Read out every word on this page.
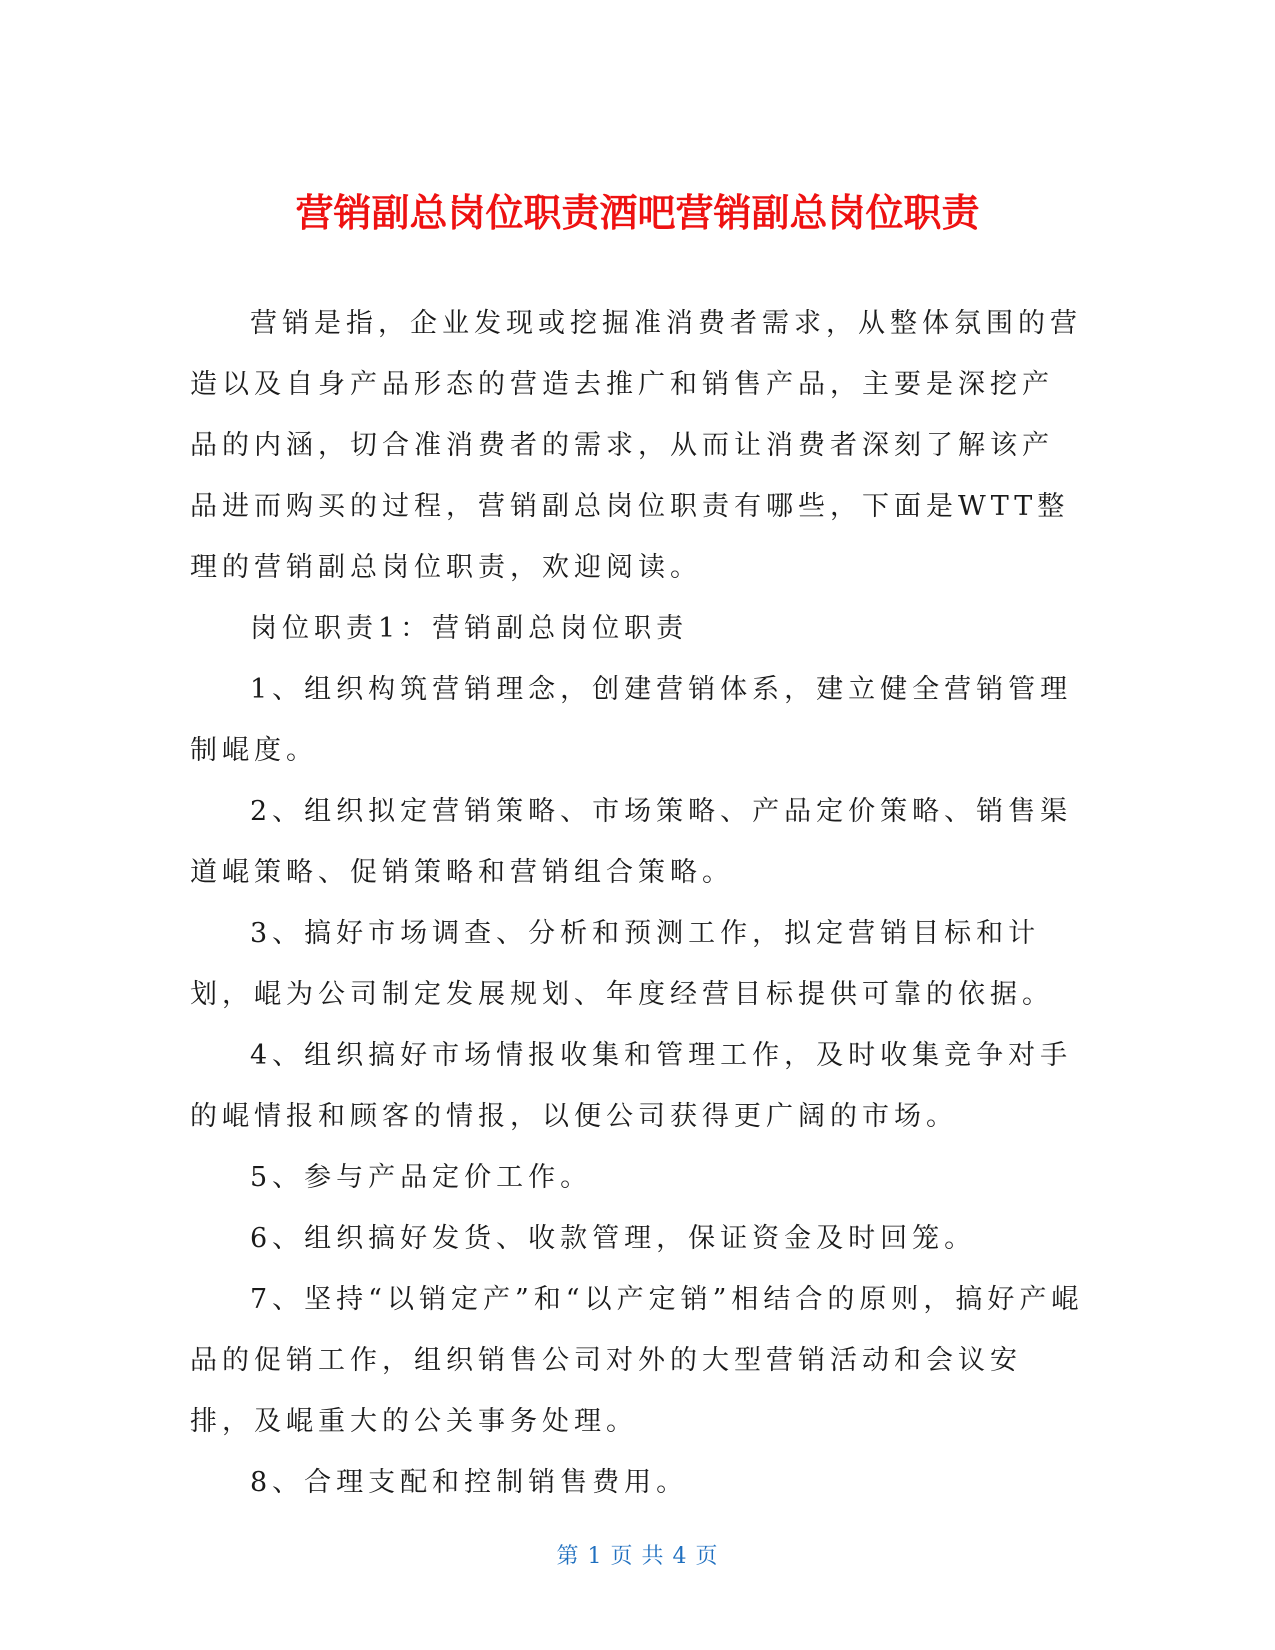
营销副总岗位职责酒吧营销副总岗位职责

营销是指，企业发现或挖掘准消费者需求，从整体氛围的营造以及自身产品形态的营造去推广和销售产品，主要是深挖产品的内涵，切合准消费者的需求，从而让消费者深刻了解该产品进而购买的过程，营销副总岗位职责有哪些，下面是WTT整理的营销副总岗位职责，欢迎阅读。

岗位职责1：营销副总岗位职责

1、组织构筑营销理念，创建营销体系，建立健全营销管理制崐度。

2、组织拟定营销策略、市场策略、产品定价策略、销售渠道崐策略、促销策略和营销组合策略。

3、搞好市场调查、分析和预测工作，拟定营销目标和计划，崐为公司制定发展规划、年度经营目标提供可靠的依据。

4、组织搞好市场情报收集和管理工作，及时收集竞争对手的崐情报和顾客的情报，以便公司获得更广阔的市场。

5、参与产品定价工作。

6、组织搞好发货、收款管理，保证资金及时回笼。

7、坚持“以销定产”和“以产定销”相结合的原则，搞好产崐品的促销工作，组织销售公司对外的大型营销活动和会议安排，及崐重大的公关事务处理。

8、合理支配和控制销售费用。

第 1 页 共 4 页
